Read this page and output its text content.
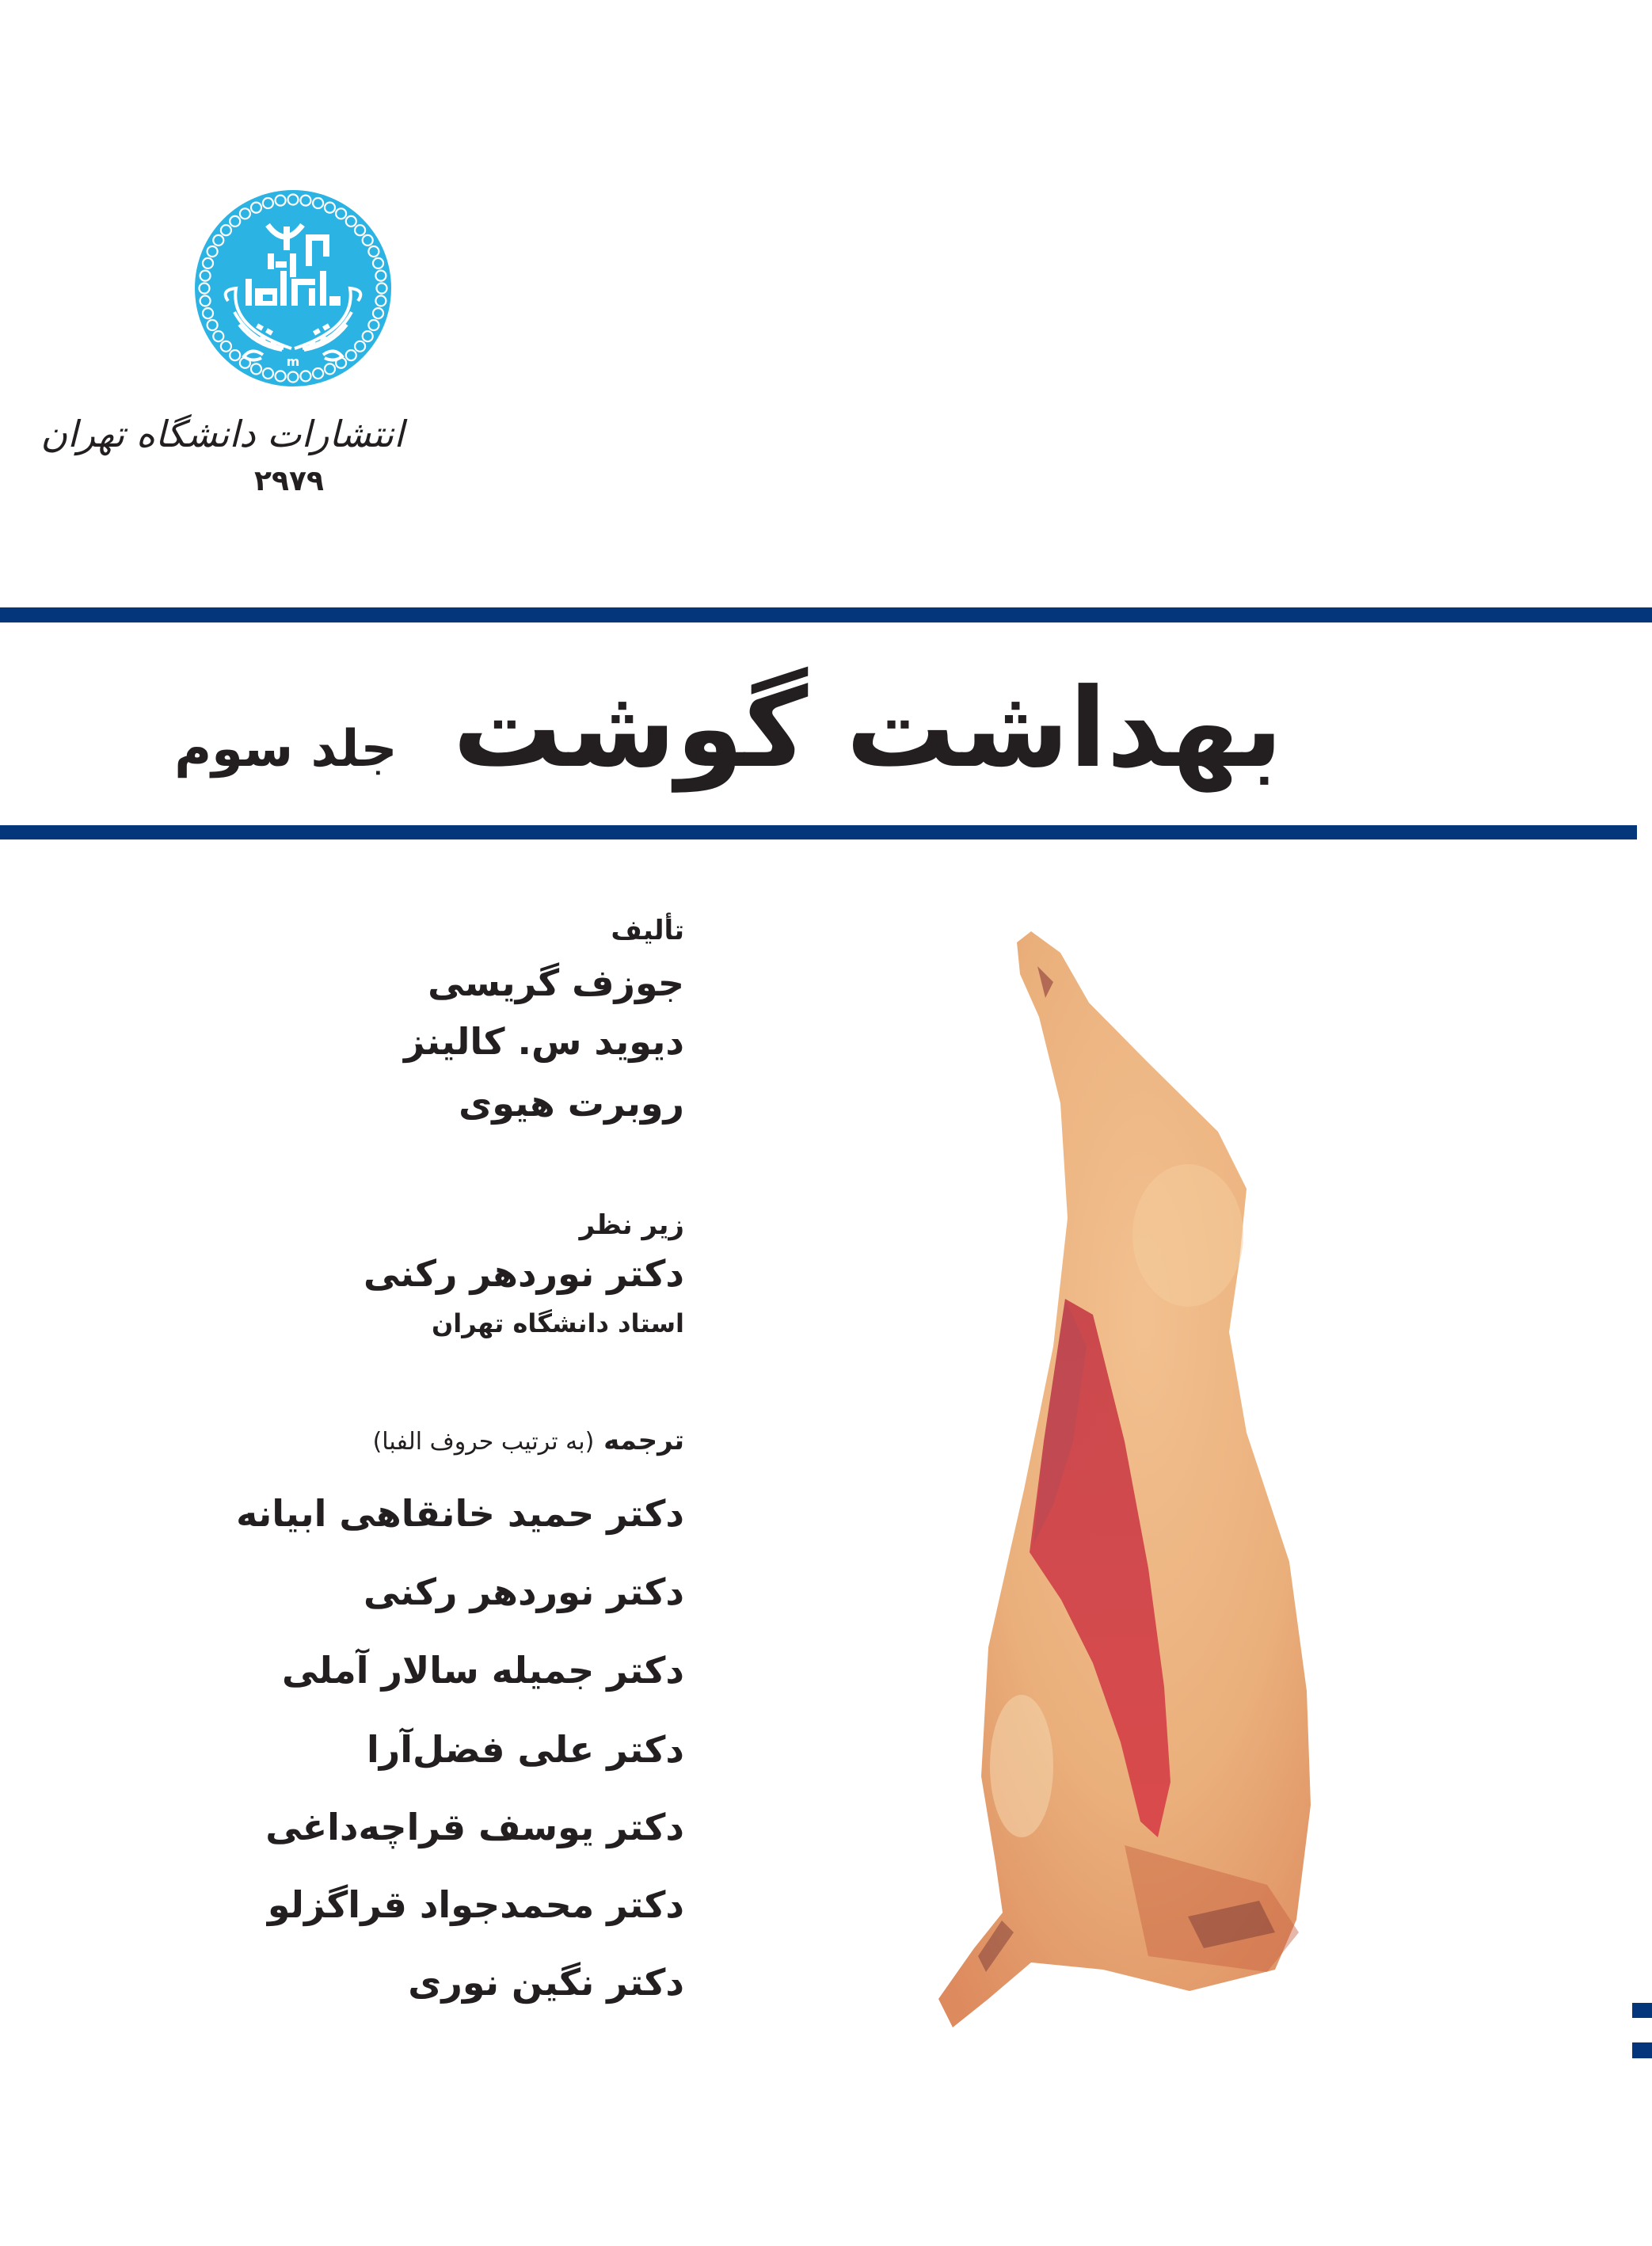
m
انتشارات دانشگاه تهران
۲۹۷۹
بهداشت گوشت
جلد سوم
تألیف
جوزف گریسی
دیوید س. کالینز
روبرت هیوی
زیر نظر
دکتر نوردهر رکنی
استاد دانشگاه تهران
ترجمه (به ترتیب حروف الفبا)
دکتر حمید خانقاهی ابیانه
دکتر نوردهر رکنی
دکتر جمیله سالار آملی
دکتر علی فضل‌آرا
دکتر یوسف قراچه‌داغی
دکتر محمدجواد قراگزلو
دکتر نگین نوری
